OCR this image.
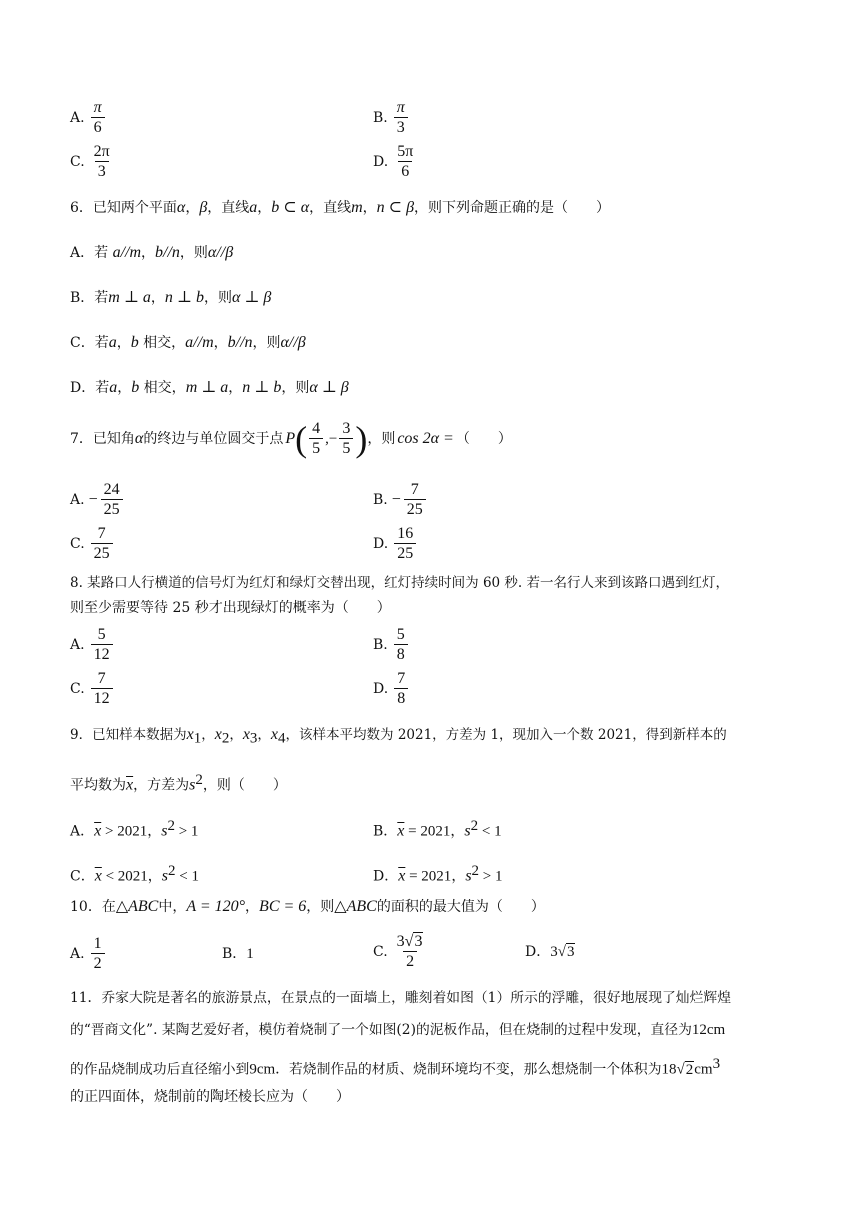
A. $\frac{\pi}{6}$	B. $\frac{\pi}{3}$
C. $\frac{2\pi}{3}$	D. $\frac{5\pi}{6}$
6．已知两个平面α，β，直线a，b ⊂ α，直线m，n ⊂ β，则下列命题正确的是（　　）
A．若 a//m，b//n，则α//β
B．若m ⊥ a，n ⊥ b，则α ⊥ β
C．若a，b 相交，a//m，b//n，则α//β
D．若a，b 相交，m ⊥ a，n ⊥ b，则α ⊥ β
7．已知角 α 的终边与单位圆交于点 P ( $\frac{4}{5}$ ,− $\frac{3}{5}$ ) ，则 cos 2α = （　　）
A. − $\frac{24}{25}$	B. − $\frac{7}{25}$
C. $\frac{7}{25}$	D. $\frac{16}{25}$
8. 某路口人行横道的信号灯为红灯和绿灯交替出现，红灯持续时间为 60 秒. 若一名行人来到该路口遇到红灯，
则至少需要等待 25 秒才出现绿灯的概率为（　　）
A. $\frac{5}{12}$	B. $\frac{5}{8}$
C. $\frac{7}{12}$	D. $\frac{7}{8}$
9．已知样本数据为$x_1$，$x_2$，$x_3$，$x_4$，该样本平均数为 2021，方差为 1，现加入一个数 2021，得到新样本的
平均数为$\overline{x}$，方差为$s^2$，则（　　）
A．$\overline{x} > 2021$，$s^2 > 1$	B．$\overline{x} = 2021$，$s^2 < 1$
C．$\overline{x} < 2021$，$s^2 < 1$	D．$\overline{x} = 2021$，$s^2 > 1$
10．在△ABC中，A = 120°，BC = 6，则△ABC的面积的最大值为（　　）
A. $\frac{1}{2}$	B．1	C. $\frac{3√3}{2}$	D．3√3
11．乔家大院是著名的旅游景点，在景点的一面墙上，雕刻着如图（1）所示的浮雕，很好地展现了灿烂辉煌
的“晋商文化”. 某陶艺爱好者，模仿着烧制了一个如图(2)的泥板作品，但在烧制的过程中发现，直径为12cm
的作品烧制成功后直径缩小到9cm．若烧制作品的材质、烧制环境均不变，那么想烧制一个体积为$18√2cm^3$
的正四面体，烧制前的陶坯棱长应为（　　）
